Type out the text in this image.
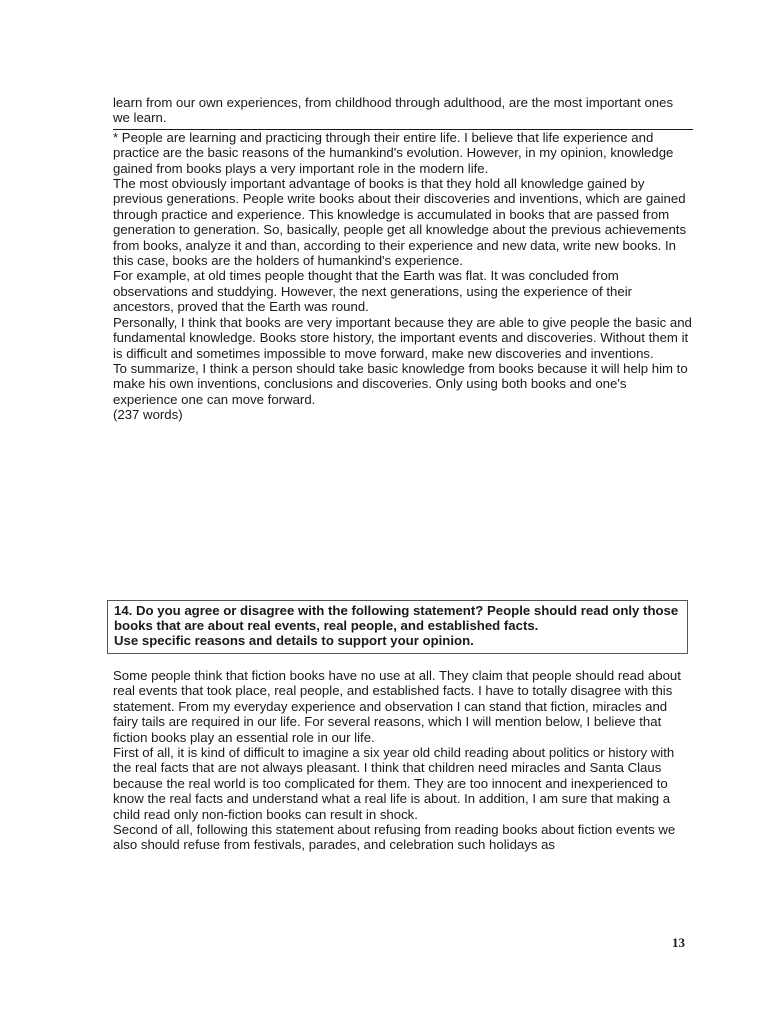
learn from our own experiences, from childhood through adulthood, are the most important ones we learn.

* People are learning and practicing through their entire life. I believe that life experience and practice are the basic reasons of the humankind's evolution. However, in my opinion, knowledge gained from books plays a very important role in the modern life.

The most obviously important advantage of books is that they hold all knowledge gained by previous generations. People write books about their discoveries and inventions, which are gained through practice and experience. This knowledge is accumulated in books that are passed from generation to generation. So, basically, people get all knowledge about the previous achievements from books, analyze it and than, according to their experience and new data, write new books. In this case, books are the holders of humankind's experience.

For example, at old times people thought that the Earth was flat. It was concluded from observations and studdying. However, the next generations, using the experience of their ancestors, proved that the Earth was round.

Personally, I think that books are very important because they are able to give people the basic and fundamental knowledge. Books store history, the important events and discoveries. Without them it is difficult and sometimes impossible to move forward, make new discoveries and inventions.

To summarize, I think a person should take basic knowledge from books because it will help him to make his own inventions, conclusions and discoveries. Only using both books and one's experience one can move forward.

(237 words)

14. Do you agree or disagree with the following statement? People should read only those books that are about real events, real people, and established facts.
Use specific reasons and details to support your opinion.

Some people think that fiction books have no use at all. They claim that people should read about real events that took place, real people, and established facts. I have to totally disagree with this statement. From my everyday experience and observation I can stand that fiction, miracles and fairy tails are required in our life. For several reasons, which I will mention below, I believe that fiction books play an essential role in our life.

First of all, it is kind of difficult to imagine a six year old child reading about politics or history with the real facts that are not always pleasant. I think that children need miracles and Santa Claus because the real world is too complicated for them. They are too innocent and inexperienced to know the real facts and understand what a real life is about. In addition, I am sure that making a child read only non-fiction books can result in shock.

Second of all, following this statement about refusing from reading books about fiction events we also should refuse from festivals, parades, and celebration such holidays as

13
